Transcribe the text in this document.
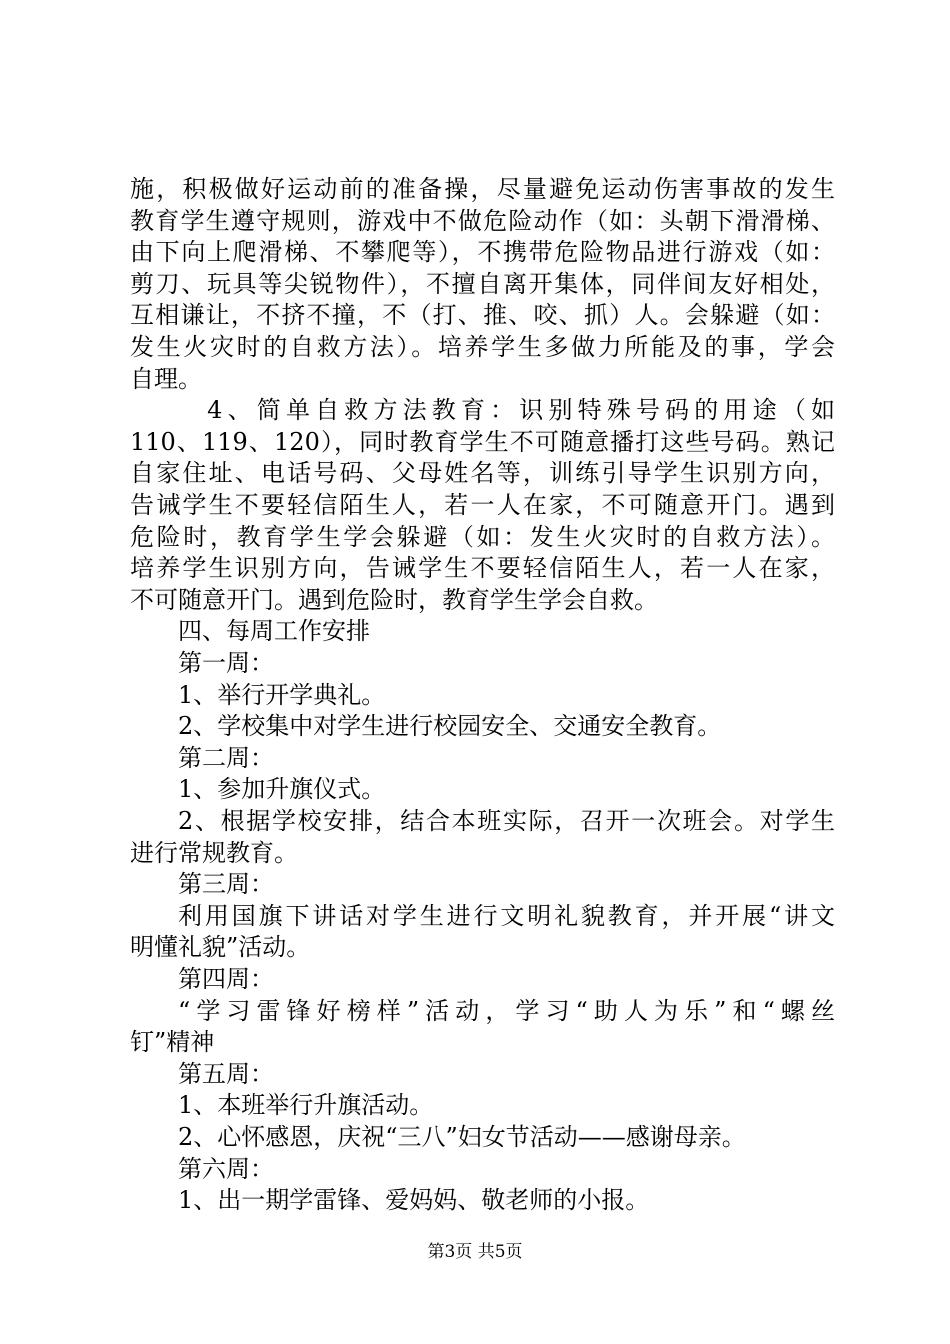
施，积极做好运动前的准备操，尽量避免运动伤害事故的发生
教育学生遵守规则，游戏中不做危险动作（如：头朝下滑滑梯、
由下向上爬滑梯、不攀爬等），不携带危险物品进行游戏（如：
剪刀、玩具等尖锐物件），不擅自离开集体，同伴间友好相处，
互相谦让，不挤不撞，不（打、推、咬、抓）人。会躲避（如：
发生火灾时的自救方法）。培养学生多做力所能及的事，学会
自理。
　4、简单自救方法教育：识别特殊号码的用途（如
110、119、120），同时教育学生不可随意播打这些号码。熟记
自家住址、电话号码、父母姓名等，训练引导学生识别方向，
告诫学生不要轻信陌生人，若一人在家，不可随意开门。遇到
危险时，教育学生学会躲避（如：发生火灾时的自救方法）。
培养学生识别方向，告诫学生不要轻信陌生人，若一人在家，
不可随意开门。遇到危险时，教育学生学会自救。
四、每周工作安排
第一周：
1、举行开学典礼。
2、学校集中对学生进行校园安全、交通安全教育。
第二周：
1、参加升旗仪式。
2、根据学校安排，结合本班实际，召开一次班会。对学生
进行常规教育。
第三周：
利用国旗下讲话对学生进行文明礼貌教育，并开展“讲文
明懂礼貌”活动。
第四周：
“学习雷锋好榜样”活动，学习“助人为乐”和“螺丝
钉”精神
第五周：
1、本班举行升旗活动。
2、心怀感恩，庆祝“三八”妇女节活动——感谢母亲。
第六周：
1、出一期学雷锋、爱妈妈、敬老师的小报。
第3页 共5页
